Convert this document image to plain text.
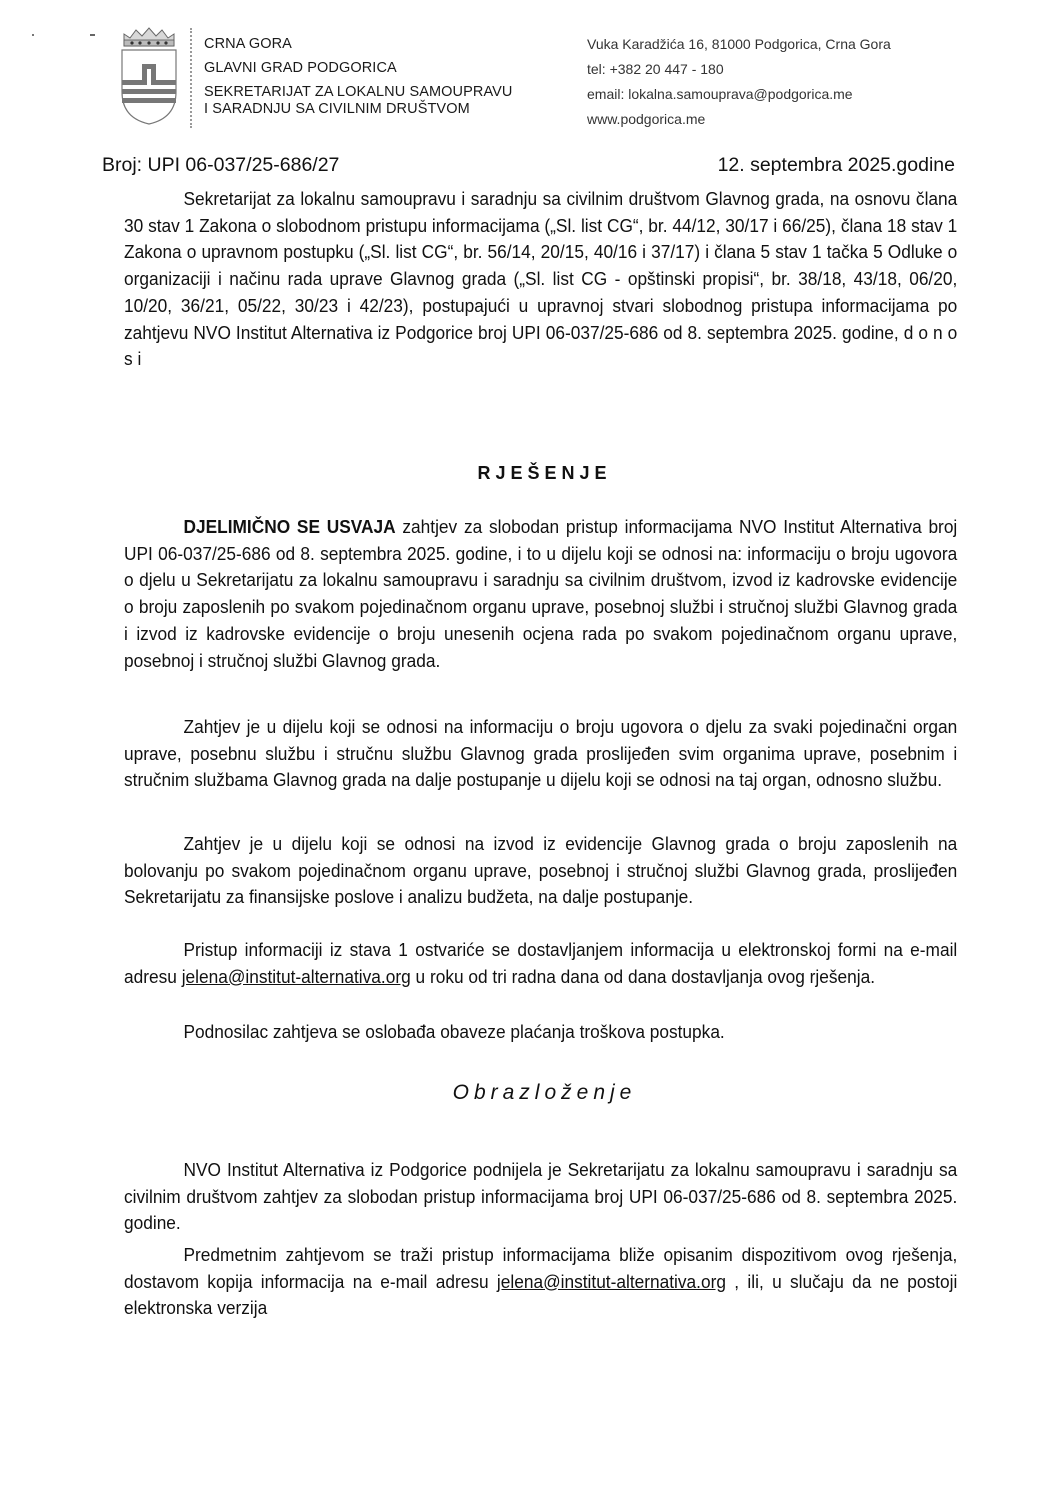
CRNA GORA
GLAVNI GRAD PODGORICA
SEKRETARIJAT ZA LOKALNU SAMOUPRAVU
I SARADNJU SA CIVILNIM DRUŠTVOM
Vuka Karadžića 16, 81000 Podgorica, Crna Gora
tel: +382 20 447 - 180
email: lokalna.samouprava@podgorica.me
www.podgorica.me
Broj: UPI 06-037/25-686/27	12. septembra 2025.godine

Sekretarijat za lokalnu samoupravu i saradnju sa civilnim društvom Glavnog grada, na osnovu člana 30 stav 1 Zakona o slobodnom pristupu informacijama („Sl. list CG“, br. 44/12, 30/17 i 66/25), člana 18 stav 1 Zakona o upravnom postupku („Sl. list CG“, br. 56/14, 20/15, 40/16 i 37/17) i člana 5 stav 1 tačka 5 Odluke o organizaciji i načinu rada uprave Glavnog grada („Sl. list CG - opštinski propisi“, br. 38/18, 43/18, 06/20, 10/20, 36/21, 05/22, 30/23 i 42/23), postupajući u upravnoj stvari slobodnog pristupa informacijama po zahtjevu NVO Institut Alternativa iz Podgorice broj UPI 06-037/25-686 od 8. septembra 2025. godine, d o n o s i

RJEŠENJE

DJELIMIČNO SE USVAJA zahtjev za slobodan pristup informacijama NVO Institut Alternativa broj UPI 06-037/25-686 od 8. septembra 2025. godine, i to u dijelu koji se odnosi na: informaciju o broju ugovora o djelu u Sekretarijatu za lokalnu samoupravu i saradnju sa civilnim društvom, izvod iz kadrovske evidencije o broju zaposlenih po svakom pojedinačnom organu uprave, posebnoj službi i stručnoj službi Glavnog grada i izvod iz kadrovske evidencije o broju unesenih ocjena rada po svakom pojedinačnom organu uprave, posebnoj i stručnoj službi Glavnog grada.

Zahtjev je u dijelu koji se odnosi na informaciju o broju ugovora o djelu za svaki pojedinačni organ uprave, posebnu službu i stručnu službu Glavnog grada proslijeđen svim organima uprave, posebnim i stručnim službama Glavnog grada na dalje postupanje u dijelu koji se odnosi na taj organ, odnosno službu.

Zahtjev je u dijelu koji se odnosi na izvod iz evidencije Glavnog grada o broju zaposlenih na bolovanju po svakom pojedinačnom organu uprave, posebnoj i stručnoj službi Glavnog grada, proslijeđen Sekretarijatu za finansijske poslove i analizu budžeta, na dalje postupanje.

Pristup informaciji iz stava 1 ostvariće se dostavljanjem informacija u elektronskoj formi na e-mail adresu jelena@institut-alternativa.org u roku od tri radna dana od dana dostavljanja ovog rješenja.

Podnosilac zahtjeva se oslobađa obaveze plaćanja troškova postupka.

Obrazloženje

NVO Institut Alternativa iz Podgorice podnijela je Sekretarijatu za lokalnu samoupravu i saradnju sa civilnim društvom zahtjev za slobodan pristup informacijama broj UPI 06-037/25-686 od 8. septembra 2025. godine.

Predmetnim zahtjevom se traži pristup informacijama bliže opisanim dispozitivom ovog rješenja, dostavom kopija informacija na e-mail adresu jelena@institut-alternativa.org , ili, u slučaju da ne postoji elektronska verzija
